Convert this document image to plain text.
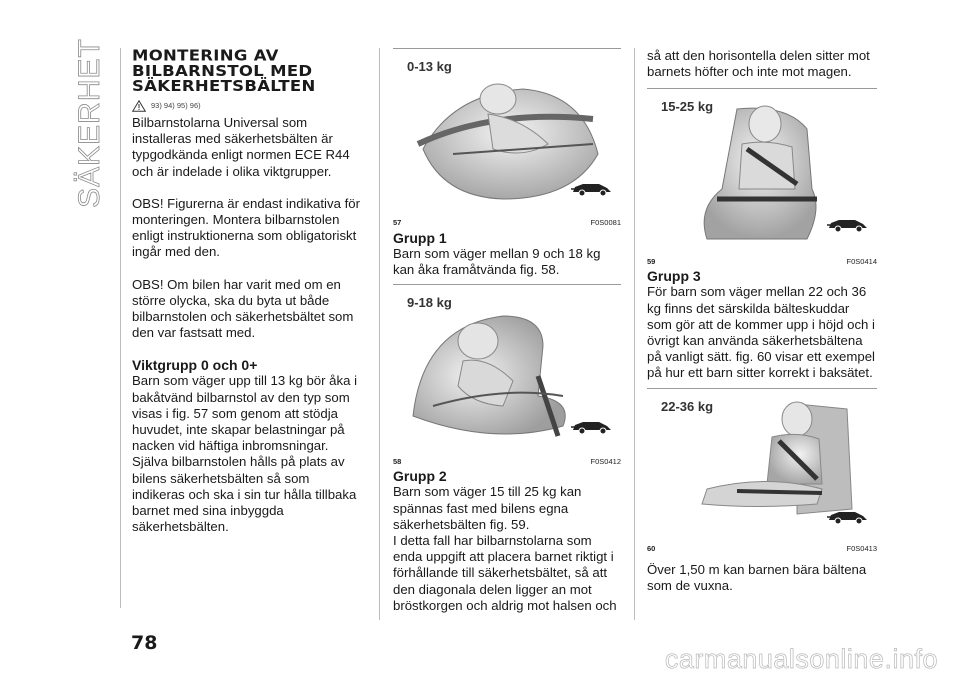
SÄKERHET MONTERING AV
BILBARNSTOL MED
SÄKERHETSBÄLTEN
93) 94) 95) 96)

Bilbarnstolarna Universal som installeras med säkerhetsbälten är typgodkända enligt normen ECE R44 och är indelade i olika viktgrupper.

OBS! Figurerna är endast indikativa för monteringen. Montera bilbarnstolen enligt instruktionerna som obligatoriskt ingår med den.

OBS! Om bilen har varit med om en större olycka, ska du byta ut både bilbarnstolen och säkerhetsbältet som den var fastsatt med.

Viktgrupp 0 och 0+

Barn som väger upp till 13 kg bör åka i bakåtvänd bilbarnstol av den typ som visas i fig. 57 som genom att stödja huvudet, inte skapar belastningar på nacken vid häftiga inbromsningar. Själva bilbarnstolen hålls på plats av bilens säkerhetsbälten så som indikeras och ska i sin tur hålla tillbaka barnet med sina inbyggda säkerhetsbälten.

0-13 kg
57	F0S0081
Grupp 1

Barn som väger mellan 9 och 18 kg kan åka framåtvända fig. 58.

9-18 kg
58	F0S0412
Grupp 2

Barn som väger 15 till 25 kg kan spännas fast med bilens egna säkerhetsbälten fig. 59.

I detta fall har bilbarnstolarna som enda uppgift att placera barnet riktigt i förhållande till säkerhetsbältet, så att den diagonala delen ligger an mot bröstkorgen och aldrig mot halsen och

så att den horisontella delen sitter mot barnets höfter och inte mot magen.

15-25 kg
59	F0S0414
Grupp 3

För barn som väger mellan 22 och 36 kg finns det särskilda bälteskuddar som gör att de kommer upp i höjd och i övrigt kan använda säkerhetsbältena på vanligt sätt. fig. 60 visar ett exempel på hur ett barn sitter korrekt i baksätet.

22-36 kg
60	F0S0413

Över 1,50 m kan barnen bära bältena som de vuxna.

78
carmanualsonline.info
